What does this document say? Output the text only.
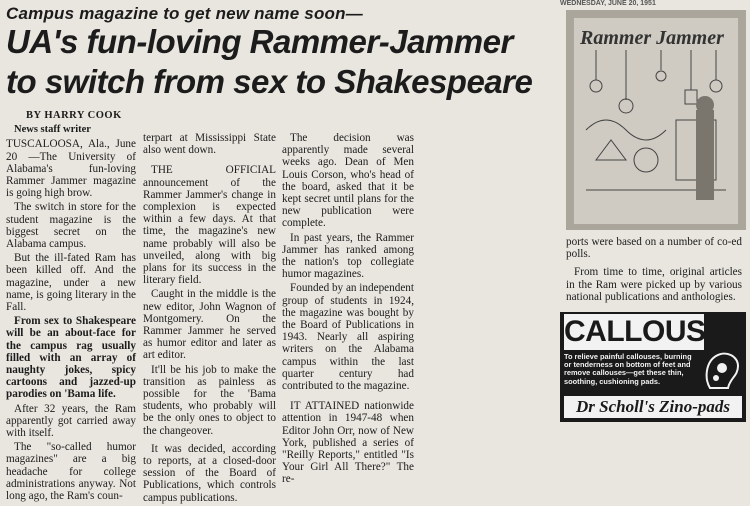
WEDNESDAY, JUNE 20, 1951
Campus magazine to get new name soon—
UA's fun-loving Rammer-Jammer
to switch from sex to Shakespeare

BY HARRY COOK

News staff writer

TUSCALOOSA, Ala., June 20 —The University of Alabama's fun-loving Rammer Jammer magazine is going high brow.

The switch in store for the student magazine is the biggest secret on the Alabama campus.

But the ill-fated Ram has been killed off. And the magazine, under a new name, is going literary in the Fall.

From sex to Shakespeare will be an about-face for the campus rag usually filled with an array of naughty jokes, spicy cartoons and jazzed-up parodies on 'Bama life.

After 32 years, the Ram apparently got carried away with itself.

The "so-called humor magazines" are a big headache for college administrations anyway. Not long ago, the Ram's coun-

terpart at Mississippi State also went down.

THE OFFICIAL announcement of the Rammer Jammer's change in complexion is expected within a few days. At that time, the magazine's new name probably will also be unveiled, along with big plans for its success in the literary field.

Caught in the middle is the new editor, John Wagnon of Montgomery. On the Rammer Jammer he served as humor editor and later as art editor.

It'll be his job to make the transition as painless as possible for the 'Bama students, who probably will be the only ones to object to the changeover.

It was decided, according to reports, at a closed-door session of the Board of Publications, which controls campus publications.

The decision was apparently made several weeks ago. Dean of Men Louis Corson, who's head of the board, asked that it be kept secret until plans for the new publication were complete.

In past years, the Rammer Jammer has ranked among the nation's top collegiate humor magazines.

Founded by an independent group of students in 1924, the magazine was bought by the Board of Publications in 1943. Nearly all aspiring writers on the Alabama campus within the last quarter century had contributed to the magazine.

IT ATTAINED nationwide attention in 1947-48 when Editor John Orr, now of New York, published a series of "Reilly Reports," entitled "Is Your Girl All There?" The re-

Rammer Jammer

ports were based on a number of co-ed polls.

From time to time, original articles in the Ram were picked up by various national publications and anthologies.

CALLOUSES
To relieve painful callouses, burning or tenderness on bottom of feet and remove callouses—get these thin, soothing, cushioning pads.
Dr Scholl's Zino-pads
